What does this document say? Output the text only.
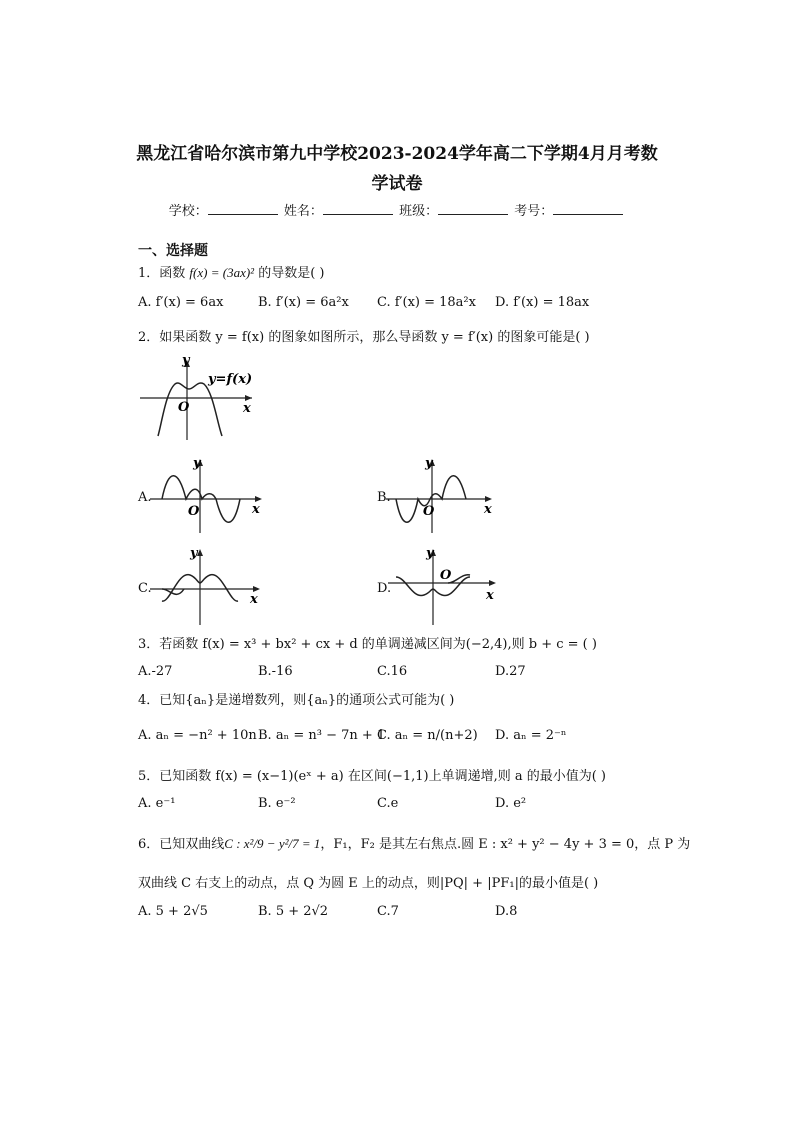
黑龙江省哈尔滨市第九中学校2023-2024学年高二下学期4月月考数
学试卷
学校：	姓名：	班级：	考号：
一、选择题
1．函数 f(x) = (3ax)² 的导数是( )
A. f′(x) = 6ax	B. f′(x) = 6a²x C. f′(x) = 18a²x D. f′(x) = 18ax
2．如果函数 y = f(x) 的图象如图所示，那么导函数 y = f′(x) 的图象可能是( )
y
x
O
y=f(x)
A.
y
x
O
B.
y
x
O
C.
y
x
D.
y
x
O
3．若函数 f(x) = x³ + bx² + cx + d 的单调递减区间为(−2,4),则 b + c = ( )
A.-27	B.-16	C.16	D.27
4．已知{aₙ}是递增数列，则{aₙ}的通项公式可能为( )
A. aₙ = −n² + 10n B. aₙ = n³ − 7n + 1
C. aₙ = n/(n+2) D. aₙ = 2⁻ⁿ
5．已知函数 f(x) = (x−1)(eˣ + a) 在区间(−1,1)上单调递增,则 a 的最小值为( )
A. e⁻¹	B. e⁻²	C.e	D. e²
6．已知双曲线C : x²/9 − y²/7 = 1，F₁，F₂ 是其左右焦点.圆 E : x² + y² − 4y + 3 = 0，点 P 为
双曲线 C 右支上的动点，点 Q 为圆 E 上的动点，则|PQ| + |PF₁|的最小值是( )
A. 5 + 2√5	B. 5 + 2√2	C.7	D.8
